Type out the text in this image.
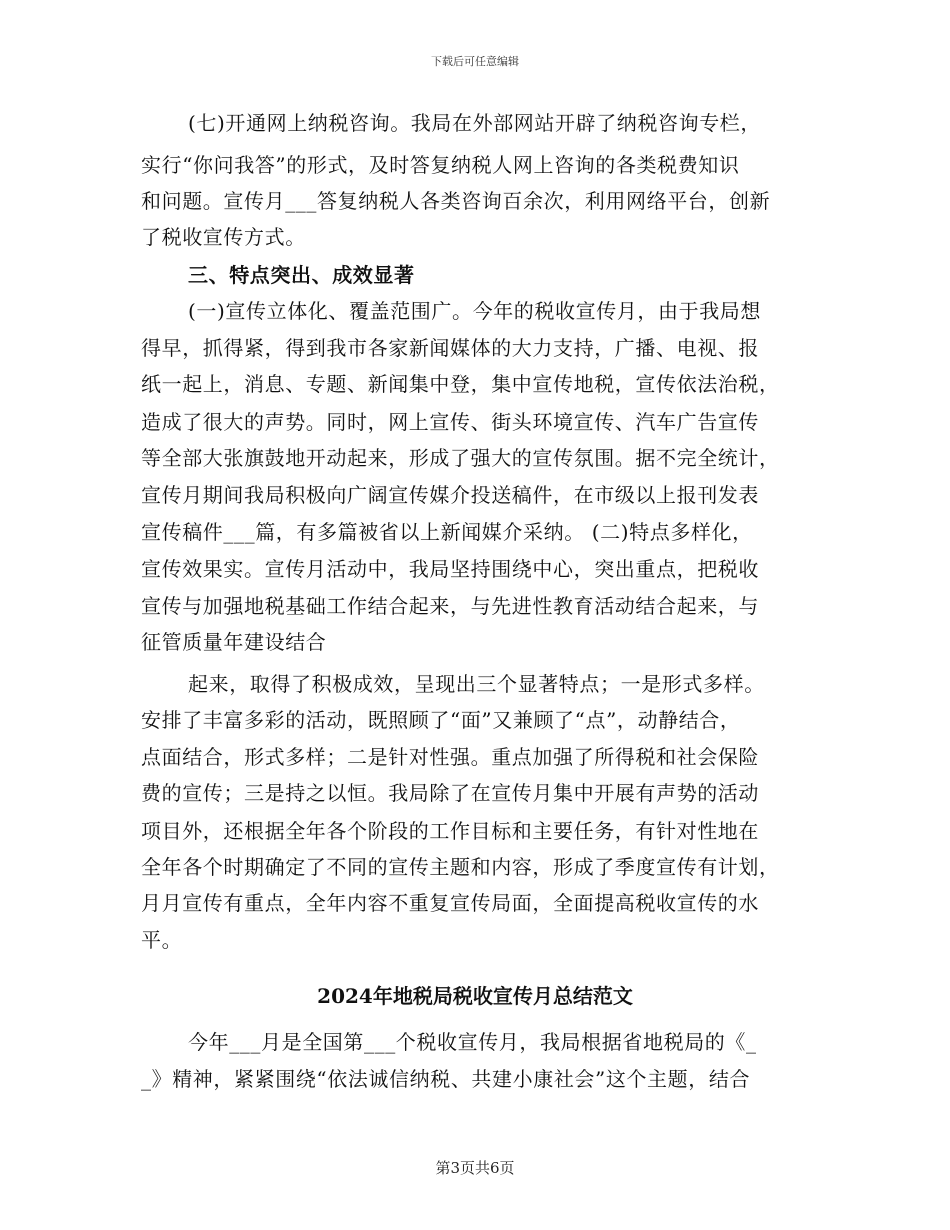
下载后可任意编辑
(七)开通网上纳税咨询。我局在外部网站开辟了纳税咨询专栏，
实行“你问我答”的形式，及时答复纳税人网上咨询的各类税费知识
和问题。宣传月___答复纳税人各类咨询百余次，利用网络平台，创新
了税收宣传方式。
三、特点突出、成效显著
(一)宣传立体化、覆盖范围广。今年的税收宣传月，由于我局想
得早，抓得紧，得到我市各家新闻媒体的大力支持，广播、电视、报
纸一起上，消息、专题、新闻集中登，集中宣传地税，宣传依法治税，
造成了很大的声势。同时，网上宣传、街头环境宣传、汽车广告宣传
等全部大张旗鼓地开动起来，形成了强大的宣传氛围。据不完全统计，
宣传月期间我局积极向广阔宣传媒介投送稿件，在市级以上报刊发表
宣传稿件___篇，有多篇被省以上新闻媒介采纳。 (二)特点多样化，
宣传效果实。宣传月活动中，我局坚持围绕中心，突出重点，把税收
宣传与加强地税基础工作结合起来，与先进性教育活动结合起来，与
征管质量年建设结合
起来，取得了积极成效，呈现出三个显著特点；一是形式多样。
安排了丰富多彩的活动，既照顾了“面”又兼顾了“点”，动静结合，
点面结合，形式多样；二是针对性强。重点加强了所得税和社会保险
费的宣传；三是持之以恒。我局除了在宣传月集中开展有声势的活动
项目外，还根据全年各个阶段的工作目标和主要任务，有针对性地在
全年各个时期确定了不同的宣传主题和内容，形成了季度宣传有计划，
月月宣传有重点，全年内容不重复宣传局面，全面提高税收宣传的水
平。
2024年地税局税收宣传月总结范文
今年___月是全国第___个税收宣传月，我局根据省地税局的《_
_》精神，紧紧围绕“依法诚信纳税、共建小康社会”这个主题，结合
第3页共6页
